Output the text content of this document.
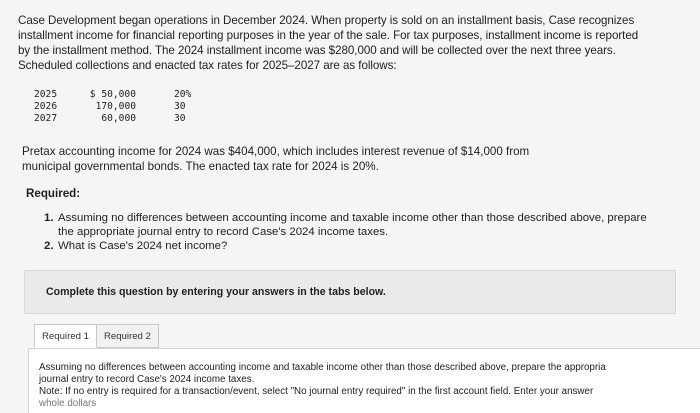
Case Development began operations in December 2024. When property is sold on an installment basis, Case recognizes
installment income for financial reporting purposes in the year of the sale. For tax purposes, installment income is reported
by the installment method. The 2024 installment income was $280,000 and will be collected over the next three years.
Scheduled collections and enacted tax rates for 2025–2027 are as follows:
2025
2026
2027
$ 50,000
170,000
60,000
20%
30
30
Pretax accounting income for 2024 was $404,000, which includes interest revenue of $14,000 from
municipal governmental bonds. The enacted tax rate for 2024 is 20%.
Required:
1. Assuming no differences between accounting income and taxable income other than those described above, prepare
the appropriate journal entry to record Case's 2024 income taxes.
2. What is Case's 2024 net income?
Complete this question by entering your answers in the tabs below.
Required 1	Required 2
Assuming no differences between accounting income and taxable income other than those described above, prepare the appropria
journal entry to record Case's 2024 income taxes.
Note: If no entry is required for a transaction/event, select "No journal entry required" in the first account field. Enter your answer
whole dollars
